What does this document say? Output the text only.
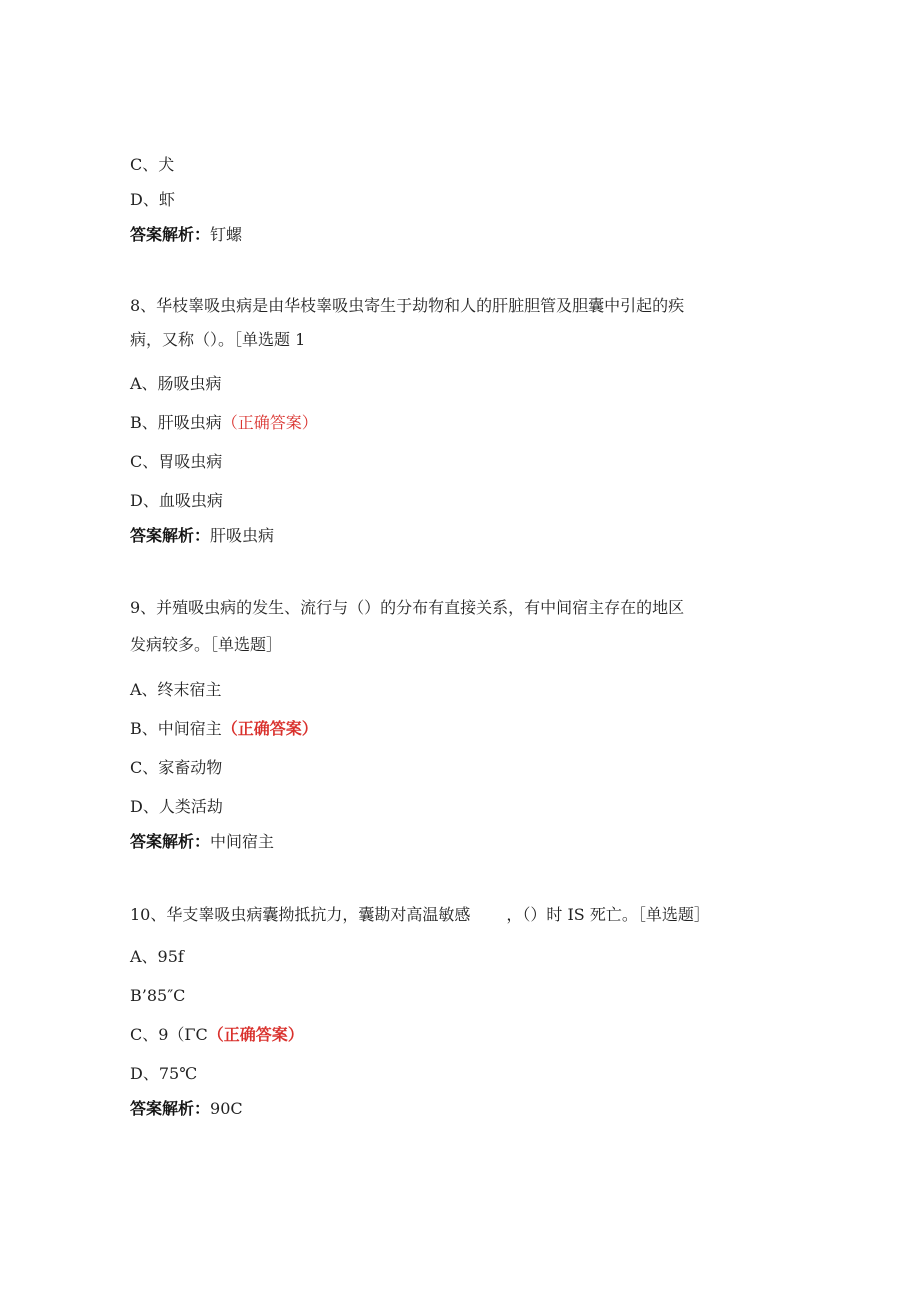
C、犬
D、虾
答案解析：钉螺
8、华枝睾吸虫病是由华枝睾吸虫寄生于劫物和人的肝脏胆管及胆囊中引起的疾
病，又称（）。［单选题 1
A、肠吸虫病
B、肝吸虫病（正确答案）
C、胃吸虫病
D、血吸虫病
答案解析：肝吸虫病
9、并殖吸虫病的发生、流行与（）的分布有直接关系，有中间宿主存在的地区
发病较多。［单选题］
A、终末宿主
B、中间宿主（正确答案）
C、家畜动物
D、人类活劫
答案解析：中间宿主
10、华支睾吸虫病囊拗抵抗力，囊勘对高温敏感 ，（）时 IS 死亡。［单选题］
A、95f
B’85″C
C、9（ΓC（正确答案）
D、75℃
答案解析：90C
